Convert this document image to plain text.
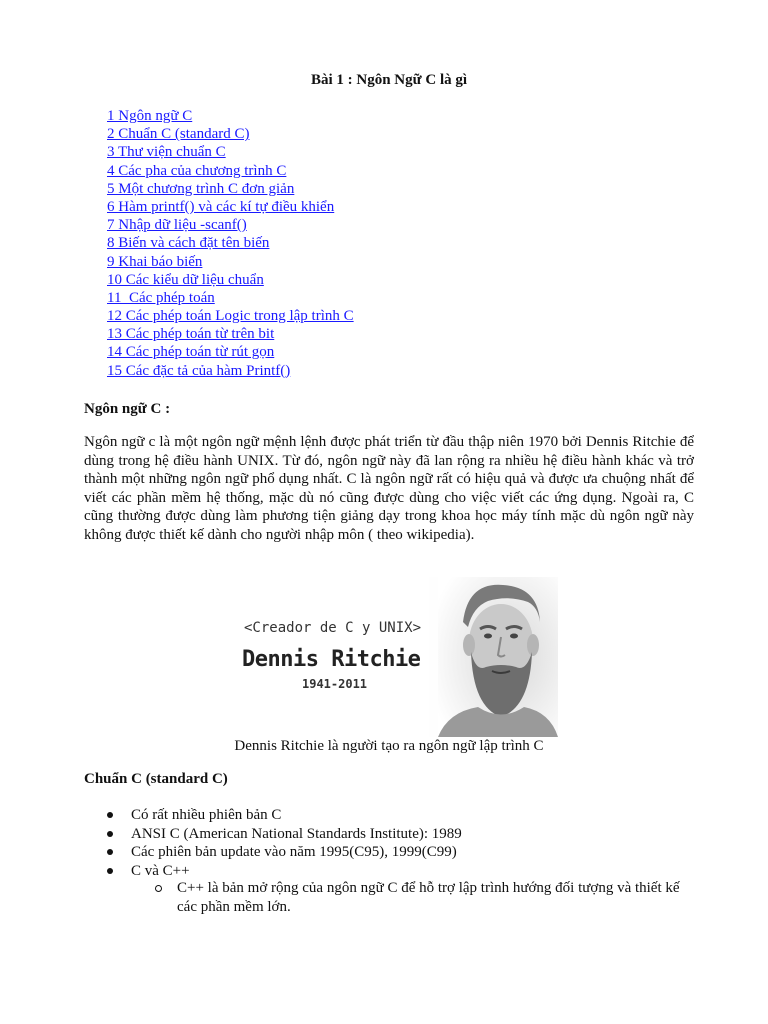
Bài 1 : Ngôn Ngữ C là gì
1 Ngôn ngữ C
2 Chuẩn C (standard C)
3 Thư viện chuẩn C
4 Các pha của chương trình C
5 Một chương trình C đơn giản
6 Hàm printf() và các kí tự điều khiển
7 Nhập dữ liệu -scanf()
8 Biến và cách đặt tên biến
9 Khai báo biến
10 Các kiểu dữ liệu chuẩn
11  Các phép toán
12 Các phép toán Logic trong lập trình C
13 Các phép toán từ trên bit
14 Các phép toán từ rút gọn
15 Các đặc tả của hàm Printf()
Ngôn ngữ C :

Ngôn ngữ c là một ngôn ngữ mệnh lệnh được phát triển từ đầu thập niên 1970 bởi Dennis Ritchie để dùng trong hệ điều hành UNIX. Từ đó, ngôn ngữ này đã lan rộng ra nhiều hệ điều hành khác và trở thành một những ngôn ngữ phổ dụng nhất. C là ngôn ngữ rất có hiệu quả và được ưa chuộng nhất để viết các phần mềm hệ thống, mặc dù nó cũng được dùng cho việc viết các ứng dụng. Ngoài ra, C cũng thường được dùng làm phương tiện giảng dạy trong khoa học máy tính mặc dù ngôn ngữ này không được thiết kế dành cho người nhập môn ( theo wikipedia).

<Creador de C y UNIX>
Dennis Ritchie
1941-2011
Dennis Ritchie là người tạo ra ngôn ngữ lập trình C
Chuẩn C (standard C)
Có rất nhiều phiên bản C
ANSI C (American National Standards Institute): 1989
Các phiên bản update vào năm 1995(C95), 1999(C99)
C và C++
C++ là bản mở rộng của ngôn ngữ C để hỗ trợ lập trình hướng đối tượng và thiết kế các phần mềm lớn.
